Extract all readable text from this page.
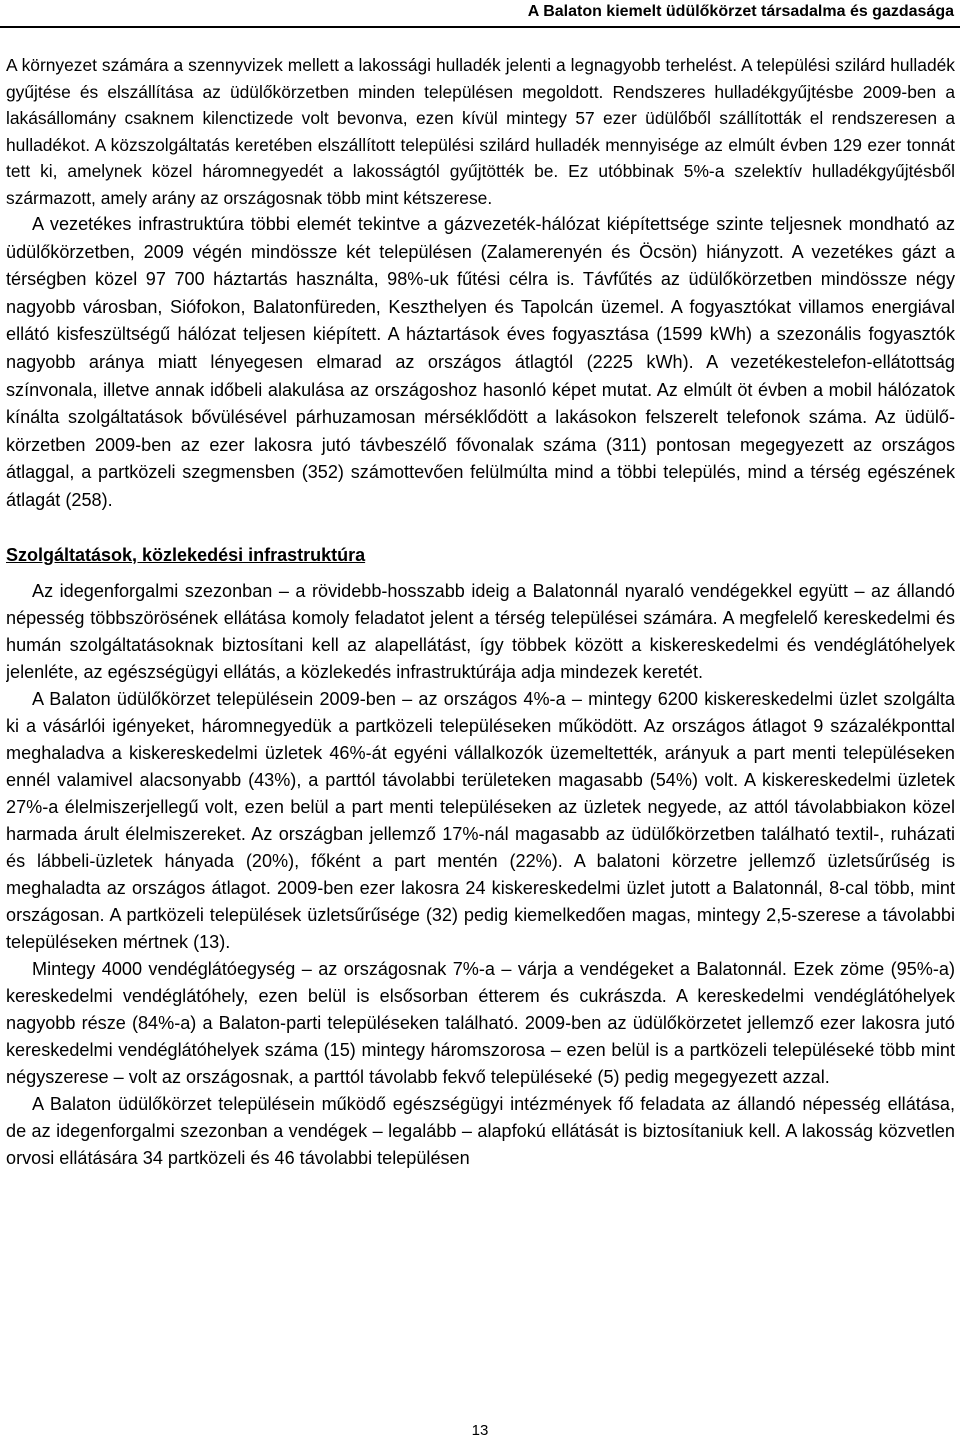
A Balaton kiemelt üdülőkörzet társadalma és gazdasága

A környezet számára a szennyvizek mellett a lakossági hulladék jelenti a legnagyobb terhelést. A települési szilárd hulladék gyűjtése és elszállítása az üdülőkörzetben minden településen megoldott. Rendszeres hulladékgyűjtésbe 2009-ben a lakásállomány csaknem kilenctizede volt bevonva, ezen kívül mintegy 57 ezer üdülőből szállították el rendszeresen a hulladékot. A közszolgáltatás keretében elszállított települési szilárd hulladék mennyisége az elmúlt évben 129 ezer tonnát tett ki, amelynek közel háromnegyedét a lakosságtól gyűjtötték be. Ez utóbbinak 5%-a szelektív hulladékgyűjtésből származott, amely arány az országosnak több mint kétszerese.

A vezetékes infrastruktúra többi elemét tekintve a gázvezeték-hálózat kiépítettsége szinte teljesnek mondható az üdülőkörzetben, 2009 végén mindössze két településen (Zalamerenyén és Öcsön) hiányzott. A vezetékes gázt a térségben közel 97 700 háztartás használta, 98%-uk fűtési célra is. Távfűtés az üdülőkörzetben mindössze négy nagyobb városban, Siófokon, Balatonfüreden, Keszthelyen és Tapolcán üzemel. A fogyasztókat villamos energiával ellátó kisfeszültségű hálózat teljesen kiépített. A háztartások éves fogyasztása (1599 kWh) a szezonális fogyasztók nagyobb aránya miatt lényegesen elmarad az országos átlagtól (2225 kWh). A vezetékestelefon-ellátottság színvonala, illetve annak időbeli alakulása az országoshoz hasonló képet mutat. Az elmúlt öt évben a mobil hálózatok kínálta szolgáltatások bővülésével párhuzamosan mérséklődött a lakásokon felszerelt telefonok száma. Az üdülőkörzetben 2009-ben az ezer lakosra jutó távbeszélő fővonalak száma (311) pontosan megegyezett az országos átlaggal, a partközeli szegmensben (352) számottevően felülmúlta mind a többi település, mind a térség egészének átlagát (258).

Szolgáltatások, közlekedési infrastruktúra

Az idegenforgalmi szezonban – a rövidebb-hosszabb ideig a Balatonnál nyaraló vendégekkel együtt – az állandó népesség többszörösének ellátása komoly feladatot jelent a térség települései számára. A megfelelő kereskedelmi és humán szolgáltatásoknak biztosítani kell az alapellátást, így többek között a kiskereskedelmi és vendéglátóhelyek jelenléte, az egészségügyi ellátás, a közlekedés infrastruktúrája adja mindezek keretét.

A Balaton üdülőkörzet településein 2009-ben – az országos 4%-a – mintegy 6200 kiskereskedelmi üzlet szolgálta ki a vásárlói igényeket, háromnegyedük a partközeli településeken működött. Az országos átlagot 9 százalékponttal meghaladva a kiskereskedelmi üzletek 46%-át egyéni vállalkozók üzemeltették, arányuk a part menti településeken ennél valamivel alacsonyabb (43%), a parttól távolabbi területeken magasabb (54%) volt. A kiskereskedelmi üzletek 27%-a élelmiszerjellegű volt, ezen belül a part menti településeken az üzletek negyede, az attól távolabbiakon közel harmada árult élelmiszereket. Az országban jellemző 17%-nál magasabb az üdülőkörzetben található textil-, ruházati és lábbeli-üzletek hányada (20%), főként a part mentén (22%). A balatoni körzetre jellemző üzletsűrűség is meghaladta az országos átlagot. 2009-ben ezer lakosra 24 kiskereskedelmi üzlet jutott a Balatonnál, 8-cal több, mint országosan. A partközeli települések üzletsűrűsége (32) pedig kiemelkedően magas, mintegy 2,5-szerese a távolabbi településeken mértnek (13).

Mintegy 4000 vendéglátóegység – az országosnak 7%-a – várja a vendégeket a Balatonnál. Ezek zöme (95%-a) kereskedelmi vendéglátóhely, ezen belül is elsősorban étterem és cukrászda. A kereskedelmi vendéglátóhelyek nagyobb része (84%-a) a Balaton-parti településeken található. 2009-ben az üdülőkörzetet jellemző ezer lakosra jutó kereskedelmi vendéglátóhelyek száma (15) mintegy háromszorosa – ezen belül is a partközeli településeké több mint négyszerese – volt az országosnak, a parttól távolabb fekvő településeké (5) pedig megegyezett azzal.

A Balaton üdülőkörzet településein működő egészségügyi intézmények fő feladata az állandó népesség ellátása, de az idegenforgalmi szezonban a vendégek – legalább – alapfokú ellátását is biztosítaniuk kell. A lakosság közvetlen orvosi ellátására 34 partközeli és 46 távolabbi településen

13
